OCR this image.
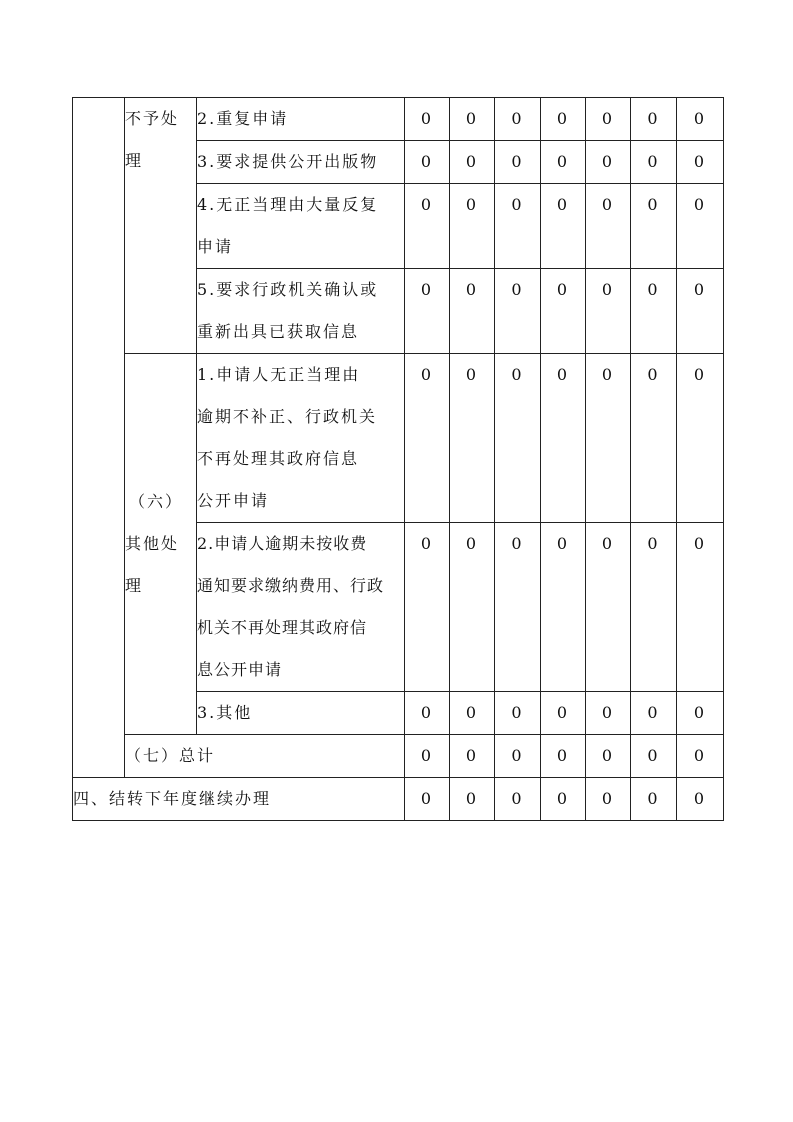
	不予处
理	2.重复申请	0	0	0	0	0	0	0

		3.要求提供公开出版物	0	0	0	0	0	0	0

		4.无正当理由大量反复
申请	0	0	0	0	0	0	0

		5.要求行政机关确认或
重新出具已获取信息	0	0	0	0	0	0	0

	（六）
其他处
理	1.申请人无正当理由
逾期不补正、行政机关
不再处理其政府信息
公开申请	0	0	0	0	0	0	0

		2.申请人逾期未按收费
通知要求缴纳费用、行政
机关不再处理其政府信
息公开申请	0	0	0	0	0	0	0

		3.其他	0	0	0	0	0	0	0
	（七）总计		0	0	0	0	0	0	0
四、结转下年度继续办理			0	0	0	0	0	0	0
